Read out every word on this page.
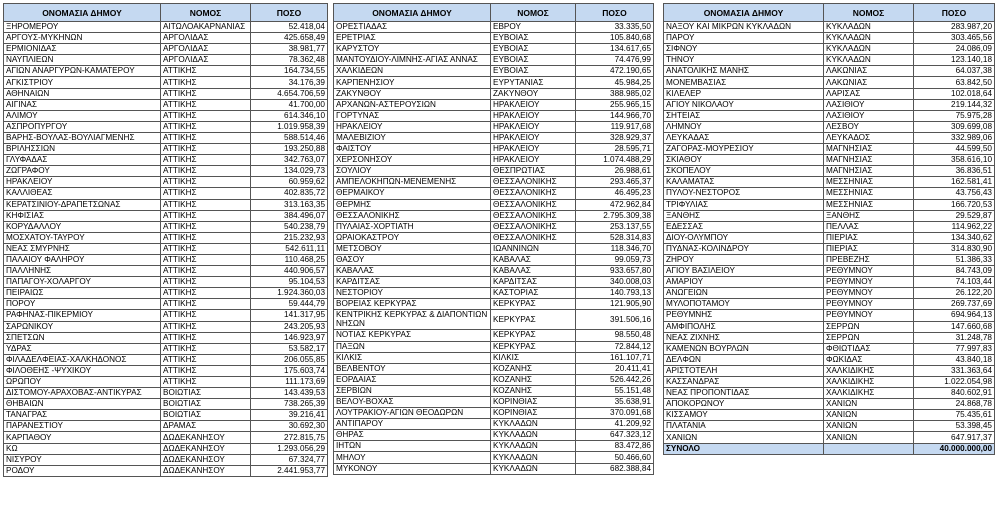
ΟΝΟΜΑΣΙΑ ΔΗΜΟΥ	ΝΟΜΟΣ	ΠΟΣΟ
ΞΗΡΟΜΕΡΟΥ	ΑΙΤΩΛΟΑΚΑΡΝΑΝΙΑΣ	52.418,04
ΑΡΓΟΥΣ-ΜΥΚΗΝΩΝ	ΑΡΓΟΛΙΔΑΣ	425.658,49
ΕΡΜΙΟΝΙΔΑΣ	ΑΡΓΟΛΙΔΑΣ	38.981,77
ΝΑΥΠΛΙΕΩΝ	ΑΡΓΟΛΙΔΑΣ	78.362,48
ΑΓΙΩΝ ΑΝΑΡΓΥΡΩΝ-ΚΑΜΑΤΕΡΟΥ	ΑΤΤΙΚΗΣ	164.734,55
ΑΓΚΙΣΤΡΙΟΥ	ΑΤΤΙΚΗΣ	34.176,39
ΑΘΗΝΑΙΩΝ	ΑΤΤΙΚΗΣ	4.654.706,59
ΑΙΓΙΝΑΣ	ΑΤΤΙΚΗΣ	41.700,00
ΑΛΙΜΟΥ	ΑΤΤΙΚΗΣ	614.346,10
ΑΣΠΡΟΠΥΡΓΟΥ	ΑΤΤΙΚΗΣ	1.019.958,39
ΒΑΡΗΣ-ΒΟΥΛΑΣ-ΒΟΥΛΙΑΓΜΕΝΗΣ	ΑΤΤΙΚΗΣ	588.514,46
ΒΡΙΛΗΣΣΙΩΝ	ΑΤΤΙΚΗΣ	193.250,88
ΓΛΥΦΑΔΑΣ	ΑΤΤΙΚΗΣ	342.763,07
ΖΩΓΡΑΦΟΥ	ΑΤΤΙΚΗΣ	134.029,73
ΗΡΑΚΛΕΙΟΥ	ΑΤΤΙΚΗΣ	60.959,62
ΚΑΛΛΙΘΕΑΣ	ΑΤΤΙΚΗΣ	402.835,72
ΚΕΡΑΤΣΙΝΙΟΥ-ΔΡΑΠΕΤΣΩΝΑΣ	ΑΤΤΙΚΗΣ	313.163,35
ΚΗΦΙΣΙΑΣ	ΑΤΤΙΚΗΣ	384.496,07
ΚΟΡΥΔΑΛΛΟΥ	ΑΤΤΙΚΗΣ	540.238,79
ΜΟΣΧΑΤΟΥ-ΤΑΥΡΟΥ	ΑΤΤΙΚΗΣ	215.232,93
ΝΕΑΣ ΣΜΥΡΝΗΣ	ΑΤΤΙΚΗΣ	542.611,11
ΠΑΛΑΙΟΥ ΦΑΛΗΡΟΥ	ΑΤΤΙΚΗΣ	110.468,25
ΠΑΛΛΗΝΗΣ	ΑΤΤΙΚΗΣ	440.906,57
ΠΑΠΑΓΟΥ-ΧΟΛΑΡΓΟΥ	ΑΤΤΙΚΗΣ	95.104,53
ΠΕΙΡΑΙΩΣ	ΑΤΤΙΚΗΣ	1.924.360,03
ΠΟΡΟΥ	ΑΤΤΙΚΗΣ	59.444,79
ΡΑΦΗΝΑΣ-ΠΙΚΕΡΜΙΟΥ	ΑΤΤΙΚΗΣ	141.317,95
ΣΑΡΩΝΙΚΟΥ	ΑΤΤΙΚΗΣ	243.205,93
ΣΠΕΤΣΩΝ	ΑΤΤΙΚΗΣ	146.923,97
ΥΔΡΑΣ	ΑΤΤΙΚΗΣ	53.582,17
ΦΙΛΑΔΕΛΦΕΙΑΣ-ΧΑΛΚΗΔΟΝΟΣ	ΑΤΤΙΚΗΣ	206.055,85
ΦΙΛΟΘΕΗΣ -ΨΥΧΙΚΟΥ	ΑΤΤΙΚΗΣ	175.603,74
ΩΡΩΠΟΥ	ΑΤΤΙΚΗΣ	111.173,69
ΔΙΣΤΟΜΟΥ-ΑΡΑΧΟΒΑΣ-ΑΝΤΙΚΥΡΑΣ	ΒΟΙΩΤΙΑΣ	143.439,53
ΘΗΒΑΙΩΝ	ΒΟΙΩΤΙΑΣ	738.265,39
ΤΑΝΑΓΡΑΣ	ΒΟΙΩΤΙΑΣ	39.216,41
ΠΑΡΑΝΕΣΤΙΟΥ	ΔΡΑΜΑΣ	30.692,30
ΚΑΡΠΑΘΟΥ	ΔΩΔΕΚΑΝΗΣΟΥ	272.815,75
ΚΩ	ΔΩΔΕΚΑΝΗΣΟΥ	1.293.056,29
ΝΙΣΥΡΟΥ	ΔΩΔΕΚΑΝΗΣΟΥ	67.324,77
ΡΟΔΟΥ	ΔΩΔΕΚΑΝΗΣΟΥ	2.441.953,77
ΟΝΟΜΑΣΙΑ ΔΗΜΟΥ	ΝΟΜΟΣ	ΠΟΣΟ
ΟΡΕΣΤΙΑΔΑΣ	ΕΒΡΟΥ	33.335,50
ΕΡΕΤΡΙΑΣ	ΕΥΒΟΙΑΣ	105.840,68
ΚΑΡΥΣΤΟΥ	ΕΥΒΟΙΑΣ	134.617,65
ΜΑΝΤΟΥΔΙΟΥ-ΛΙΜΝΗΣ-ΑΓΙΑΣ ΑΝΝΑΣ	ΕΥΒΟΙΑΣ	74.476,99
ΧΑΛΚΙΔΕΩΝ	ΕΥΒΟΙΑΣ	472.190,65
ΚΑΡΠΕΝΗΣΙΟΥ	ΕΥΡΥΤΑΝΙΑΣ	45.984,25
ΖΑΚΥΝΘΟΥ	ΖΑΚΥΝΘΟΥ	388.985,02
ΑΡΧΑΝΩΝ-ΑΣΤΕΡΟΥΣΙΩΝ	ΗΡΑΚΛΕΙΟΥ	255.965,15
ΓΟΡΤΥΝΑΣ	ΗΡΑΚΛΕΙΟΥ	144.966,70
ΗΡΑΚΛΕΙΟΥ	ΗΡΑΚΛΕΙΟΥ	119.917,68
ΜΑΛΕΒΙΖΙΟΥ	ΗΡΑΚΛΕΙΟΥ	328.929,37
ΦΑΙΣΤΟΥ	ΗΡΑΚΛΕΙΟΥ	28.595,71
ΧΕΡΣΟΝΗΣΟΥ	ΗΡΑΚΛΕΙΟΥ	1.074.488,29
ΣΟΥΛΙΟΥ	ΘΕΣΠΡΩΤΙΑΣ	26.988,61
ΑΜΠΕΛΟΚΗΠΩΝ-ΜΕΝΕΜΕΝΗΣ	ΘΕΣΣΑΛΟΝΙΚΗΣ	293.465,37
ΘΕΡΜΑΙΚΟΥ	ΘΕΣΣΑΛΟΝΙΚΗΣ	46.495,23
ΘΕΡΜΗΣ	ΘΕΣΣΑΛΟΝΙΚΗΣ	472.962,84
ΘΕΣΣΑΛΟΝΙΚΗΣ	ΘΕΣΣΑΛΟΝΙΚΗΣ	2.795.309,38
ΠΥΛΑΙΑΣ-ΧΟΡΤΙΑΤΗ	ΘΕΣΣΑΛΟΝΙΚΗΣ	253.137,55
ΩΡΑΙΟΚΑΣΤΡΟΥ	ΘΕΣΣΑΛΟΝΙΚΗΣ	528.314,83
ΜΕΤΣΟΒΟΥ	ΙΩΑΝΝΙΝΩΝ	118.346,70
ΘΑΣΟΥ	ΚΑΒΑΛΑΣ	99.059,73
ΚΑΒΑΛΑΣ	ΚΑΒΑΛΑΣ	933.657,80
ΚΑΡΔΙΤΣΑΣ	ΚΑΡΔΙΤΣΑΣ	340.008,03
ΝΕΣΤΟΡΙΟΥ	ΚΑΣΤΟΡΙΑΣ	140.793,13
ΒΟΡΕΙΑΣ ΚΕΡΚΥΡΑΣ	ΚΕΡΚΥΡΑΣ	121.905,90
ΚΕΝΤΡΙΚΗΣ ΚΕΡΚΥΡΑΣ & ΔΙΑΠΟΝΤΙΩΝ ΝΗΣΩΝ	ΚΕΡΚΥΡΑΣ	391.506,16
ΝΟΤΙΑΣ ΚΕΡΚΥΡΑΣ	ΚΕΡΚΥΡΑΣ	98.550,48
ΠΑΞΩΝ	ΚΕΡΚΥΡΑΣ	72.844,12
ΚΙΛΚΙΣ	ΚΙΛΚΙΣ	161.107,71
ΒΕΛΒΕΝΤΟΥ	ΚΟΖΑΝΗΣ	20.411,41
ΕΟΡΔΑΙΑΣ	ΚΟΖΑΝΗΣ	526.442,26
ΣΕΡΒΙΩΝ	ΚΟΖΑΝΗΣ	55.151,48
ΒΕΛΟΥ-ΒΟΧΑΣ	ΚΟΡΙΝΘΙΑΣ	35.638,91
ΛΟΥΤΡΑΚΙΟΥ-ΑΓΙΩΝ ΘΕΟΔΩΡΩΝ	ΚΟΡΙΝΘΙΑΣ	370.091,68
ΑΝΤΙΠΑΡΟΥ	ΚΥΚΛΑΔΩΝ	41.209,92
ΘΗΡΑΣ	ΚΥΚΛΑΔΩΝ	647.323,12
ΙΗΤΩΝ	ΚΥΚΛΑΔΩΝ	83.472,86
ΜΗΛΟΥ	ΚΥΚΛΑΔΩΝ	50.466,60
ΜΥΚΟΝΟΥ	ΚΥΚΛΑΔΩΝ	682.388,84
ΟΝΟΜΑΣΙΑ ΔΗΜΟΥ	ΝΟΜΟΣ	ΠΟΣΟ
ΝΑΞΟΥ ΚΑΙ ΜΙΚΡΩΝ ΚΥΚΛΑΔΩΝ	ΚΥΚΛΑΔΩΝ	283.987,20
ΠΑΡΟΥ	ΚΥΚΛΑΔΩΝ	303.465,56
ΣΙΦΝΟΥ	ΚΥΚΛΑΔΩΝ	24.086,09
ΤΗΝΟΥ	ΚΥΚΛΑΔΩΝ	123.140,18
ΑΝΑΤΟΛΙΚΗΣ ΜΑΝΗΣ	ΛΑΚΩΝΙΑΣ	64.037,38
ΜΟΝΕΜΒΑΣΙΑΣ	ΛΑΚΩΝΙΑΣ	63.842,50
ΚΙΛΕΛΕΡ	ΛΑΡΙΣΑΣ	102.018,64
ΑΓΙΟΥ ΝΙΚΟΛΑΟΥ	ΛΑΣΙΘΙΟΥ	219.144,32
ΣΗΤΕΙΑΣ	ΛΑΣΙΘΙΟΥ	75.975,28
ΛΗΜΝΟΥ	ΛΕΣΒΟΥ	309.699,08
ΛΕΥΚΑΔΑΣ	ΛΕΥΚΑΔΟΣ	332.989,06
ΖΑΓΟΡΑΣ-ΜΟΥΡΕΣΙΟΥ	ΜΑΓΝΗΣΙΑΣ	44.599,50
ΣΚΙΑΘΟΥ	ΜΑΓΝΗΣΙΑΣ	358.616,10
ΣΚΟΠΕΛΟΥ	ΜΑΓΝΗΣΙΑΣ	36.836,51
ΚΑΛΑΜΑΤΑΣ	ΜΕΣΣΗΝΙΑΣ	162.581,41
ΠΥΛΟΥ-ΝΕΣΤΟΡΟΣ	ΜΕΣΣΗΝΙΑΣ	43.756,43
ΤΡΙΦΥΛΙΑΣ	ΜΕΣΣΗΝΙΑΣ	166.720,53
ΞΑΝΘΗΣ	ΞΑΝΘΗΣ	29.529,87
ΕΔΕΣΣΑΣ	ΠΕΛΛΑΣ	114.962,22
ΔΙΟΥ-ΟΛΥΜΠΟΥ	ΠΙΕΡΙΑΣ	134.340,62
ΠΥΔΝΑΣ-ΚΟΛΙΝΔΡΟΥ	ΠΙΕΡΙΑΣ	314.830,90
ΖΗΡΟΥ	ΠΡΕΒΕΖΗΣ	51.386,33
ΑΓΙΟΥ ΒΑΣΙΛΕΙΟΥ	ΡΕΘΥΜΝΟΥ	84.743,09
ΑΜΑΡΙΟΥ	ΡΕΘΥΜΝΟΥ	74.103,44
ΑΝΩΓΕΙΩΝ	ΡΕΘΥΜΝΟΥ	26.122,20
ΜΥΛΟΠΟΤΑΜΟΥ	ΡΕΘΥΜΝΟΥ	269.737,69
ΡΕΘΥΜΝΗΣ	ΡΕΘΥΜΝΟΥ	694.964,13
ΑΜΦΙΠΟΛΗΣ	ΣΕΡΡΩΝ	147.660,68
ΝΕΑΣ ΖΙΧΝΗΣ	ΣΕΡΡΩΝ	31.248,78
ΚΑΜΕΝΩΝ ΒΟΥΡΛΩΝ	ΦΘΙΩΤΙΔΑΣ	77.997,83
ΔΕΛΦΩΝ	ΦΩΚΙΔΑΣ	43.840,18
ΑΡΙΣΤΟΤΕΛΗ	ΧΑΛΚΙΔΙΚΗΣ	331.363,64
ΚΑΣΣΑΝΔΡΑΣ	ΧΑΛΚΙΔΙΚΗΣ	1.022.054,98
ΝΕΑΣ ΠΡΟΠΟΝΤΙΔΑΣ	ΧΑΛΚΙΔΙΚΗΣ	840.602,91
ΑΠΟΚΟΡΩΝΟΥ	ΧΑΝΙΩΝ	24.868,78
ΚΙΣΣΑΜΟΥ	ΧΑΝΙΩΝ	75.435,61
ΠΛΑΤΑΝΙΑ	ΧΑΝΙΩΝ	53.398,45
ΧΑΝΙΩΝ	ΧΑΝΙΩΝ	647.917,37
ΣΥΝΟΛΟ		40.000.000,00
